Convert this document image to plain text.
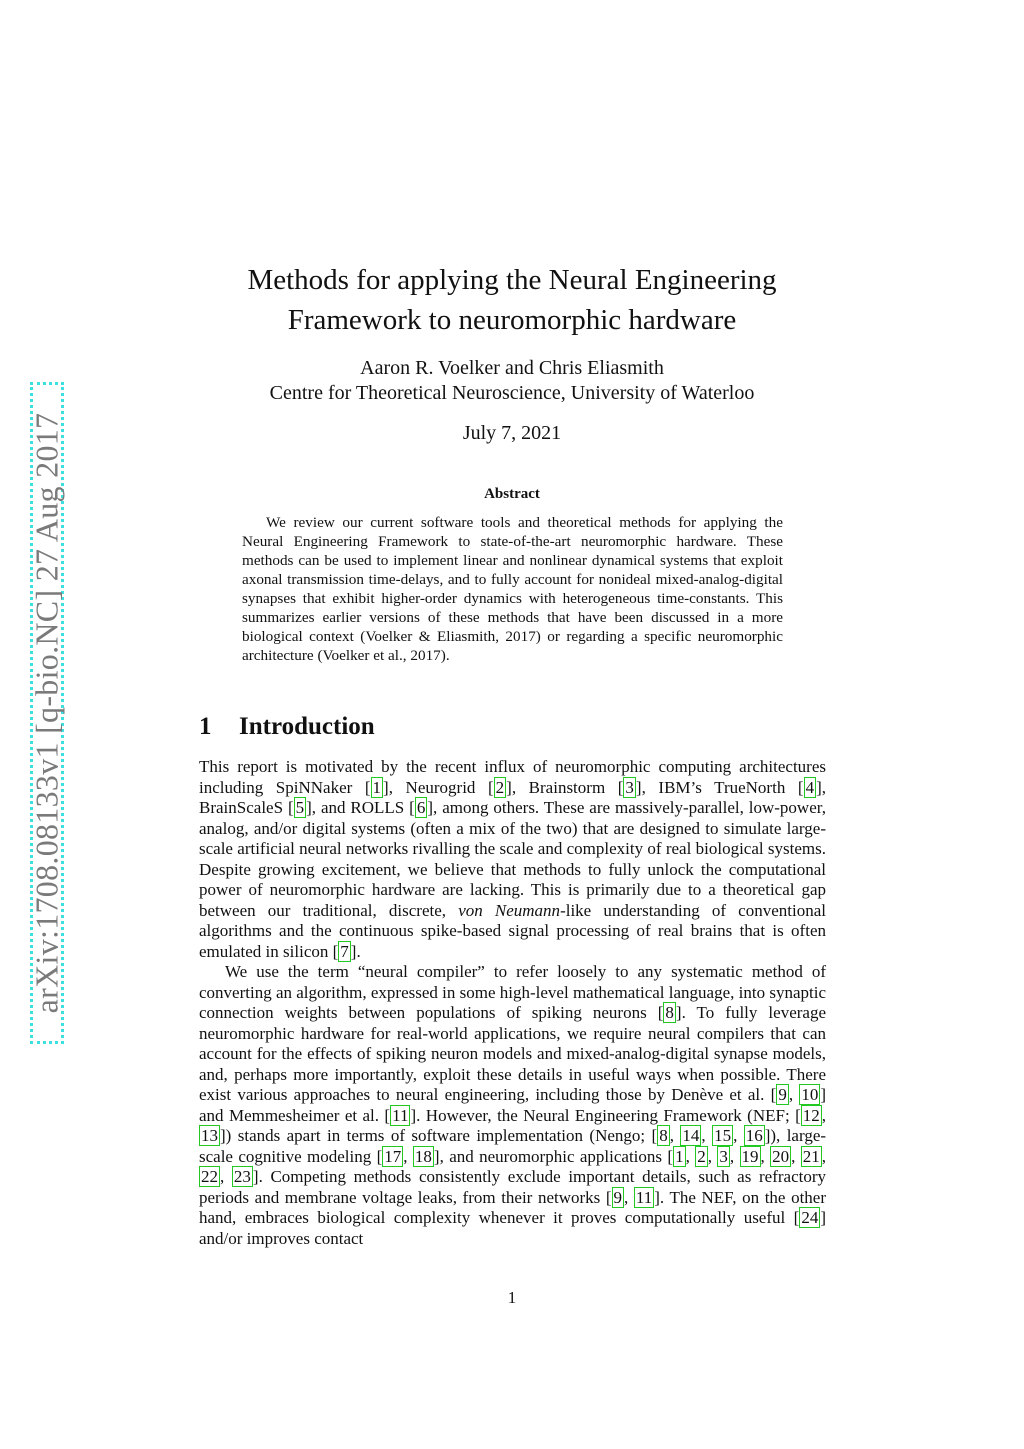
arXiv:1708.08133v1 [q-bio.NC] 27 Aug 2017
Methods for applying the Neural Engineering
Framework to neuromorphic hardware
Aaron R. Voelker and Chris Eliasmith
Centre for Theoretical Neuroscience, University of Waterloo
July 7, 2021
Abstract
We review our current software tools and theoretical methods for applying the Neural Engineering Framework to state-of-the-art neuromorphic hardware. These methods can be used to implement linear and nonlinear dynamical systems that exploit axonal transmission time-delays, and to fully account for nonideal mixed-analog-digital synapses that exhibit higher-order dynamics with heterogeneous time-constants. This summarizes earlier versions of these methods that have been discussed in a more biological context (Voelker & Eliasmith, 2017) or regarding a specific neuromorphic architecture (Voelker et al., 2017).
1 Introduction

This report is motivated by the recent influx of neuromorphic computing architectures including SpiNNaker [ 1 ], Neurogrid [ 2 ], Brainstorm [ 3 ], IBM’s TrueNorth [ 4 ], BrainScaleS [ 5 ], and ROLLS [ 6 ], among others. These are massively-parallel, low-power, analog, and/or digital systems (often a mix of the two) that are designed to simulate large-scale artificial neural networks rivalling the scale and complexity of real biological systems. Despite growing excitement, we believe that methods to fully unlock the computational power of neuromorphic hardware are lacking. This is primarily due to a theoretical gap between our traditional, discrete, von Neumann-like understanding of conventional algorithms and the continuous spike-based signal processing of real brains that is often emulated in silicon [ 7 ].

We use the term “neural compiler” to refer loosely to any systematic method of converting an algorithm, expressed in some high-level mathematical language, into synaptic connection weights between populations of spiking neurons [ 8 ]. To fully leverage neuromorphic hardware for real-world applications, we require neural compilers that can account for the effects of spiking neuron models and mixed-analog-digital synapse models, and, perhaps more importantly, exploit these details in useful ways when possible. There exist various approaches to neural engineering, including those by Denève et al. [ 9 , 10 ] and Memmesheimer et al. [ 11 ]. However, the Neural Engineering Framework (NEF; [ 12 , 13 ]) stands apart in terms of software implementation (Nengo; [ 8 , 14 , 15 , 16 ]), large-scale cognitive modeling [ 17 , 18 ], and neuromorphic applications [ 1 , 2 , 3 , 19 , 20 , 21 , 22 , 23 ]. Competing methods consistently exclude important details, such as refractory periods and membrane voltage leaks, from their networks [ 9 , 11 ]. The NEF, on the other hand, embraces biological complexity whenever it proves computationally useful [ 24 ] and/or improves contact

1
